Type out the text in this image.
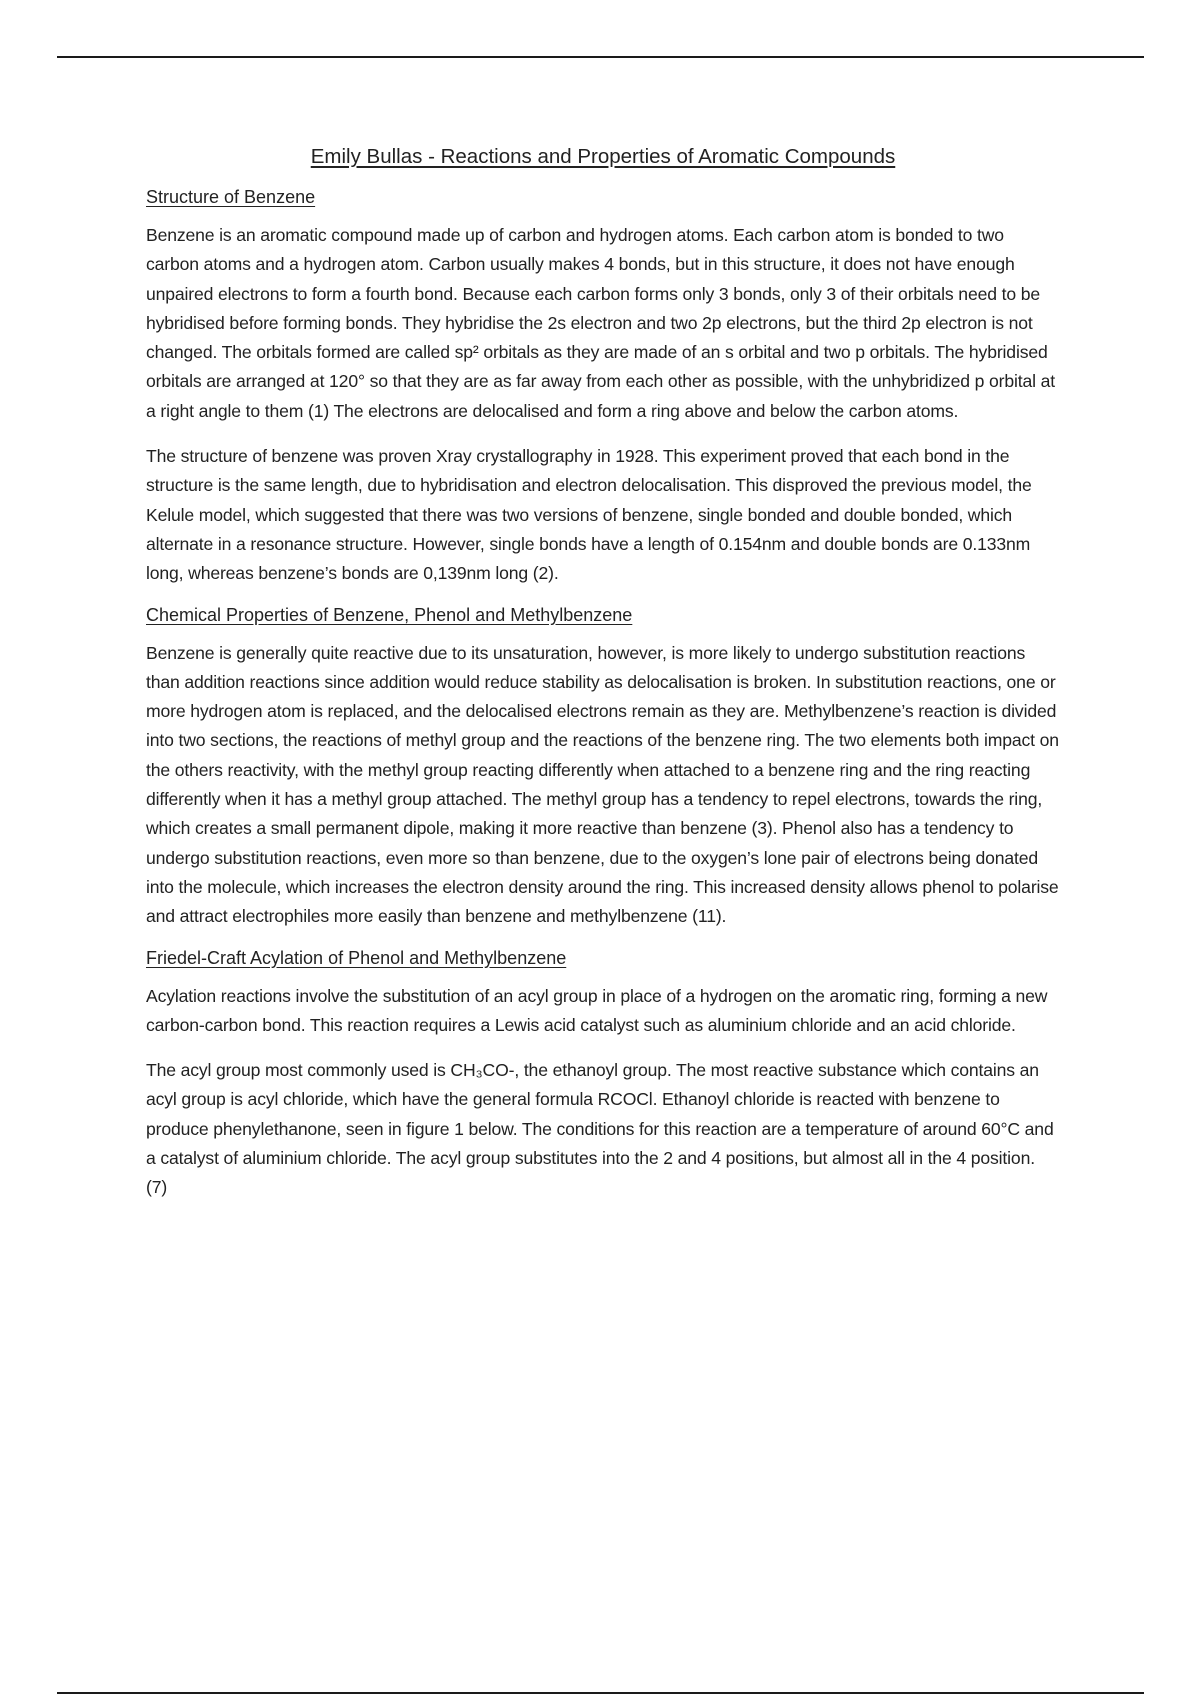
Emily Bullas - Reactions and Properties of Aromatic Compounds
Structure of Benzene

Benzene is an aromatic compound made up of carbon and hydrogen atoms. Each carbon atom is bonded to two carbon atoms and a hydrogen atom. Carbon usually makes 4 bonds, but in this structure, it does not have enough unpaired electrons to form a fourth bond. Because each carbon forms only 3 bonds, only 3 of their orbitals need to be hybridised before forming bonds. They hybridise the 2s electron and two 2p electrons, but the third 2p electron is not changed. The orbitals formed are called sp² orbitals as they are made of an s orbital and two p orbitals. The hybridised orbitals are arranged at 120° so that they are as far away from each other as possible, with the unhybridized p orbital at a right angle to them (1) The electrons are delocalised and form a ring above and below the carbon atoms.

The structure of benzene was proven Xray crystallography in 1928. This experiment proved that each bond in the structure is the same length, due to hybridisation and electron delocalisation. This disproved the previous model, the Kelule model, which suggested that there was two versions of benzene, single bonded and double bonded, which alternate in a resonance structure. However, single bonds have a length of 0.154nm and double bonds are 0.133nm long, whereas benzene’s bonds are 0,139nm long (2).

Chemical Properties of Benzene, Phenol and Methylbenzene

Benzene is generally quite reactive due to its unsaturation, however, is more likely to undergo substitution reactions than addition reactions since addition would reduce stability as delocalisation is broken. In substitution reactions, one or more hydrogen atom is replaced, and the delocalised electrons remain as they are. Methylbenzene’s reaction is divided into two sections, the reactions of methyl group and the reactions of the benzene ring. The two elements both impact on the others reactivity, with the methyl group reacting differently when attached to a benzene ring and the ring reacting differently when it has a methyl group attached. The methyl group has a tendency to repel electrons, towards the ring, which creates a small permanent dipole, making it more reactive than benzene (3). Phenol also has a tendency to undergo substitution reactions, even more so than benzene, due to the oxygen’s lone pair of electrons being donated into the molecule, which increases the electron density around the ring. This increased density allows phenol to polarise and attract electrophiles more easily than benzene and methylbenzene (11).

Friedel-Craft Acylation of Phenol and Methylbenzene

Acylation reactions involve the substitution of an acyl group in place of a hydrogen on the aromatic ring, forming a new carbon-carbon bond. This reaction requires a Lewis acid catalyst such as aluminium chloride and an acid chloride.

The acyl group most commonly used is CH₃CO-, the ethanoyl group. The most reactive substance which contains an acyl group is acyl chloride, which have the general formula RCOCl. Ethanoyl chloride is reacted with benzene to produce phenylethanone, seen in figure 1 below. The conditions for this reaction are a temperature of around 60°C and a catalyst of aluminium chloride. The acyl group substitutes into the 2 and 4 positions, but almost all in the 4 position. (7)
